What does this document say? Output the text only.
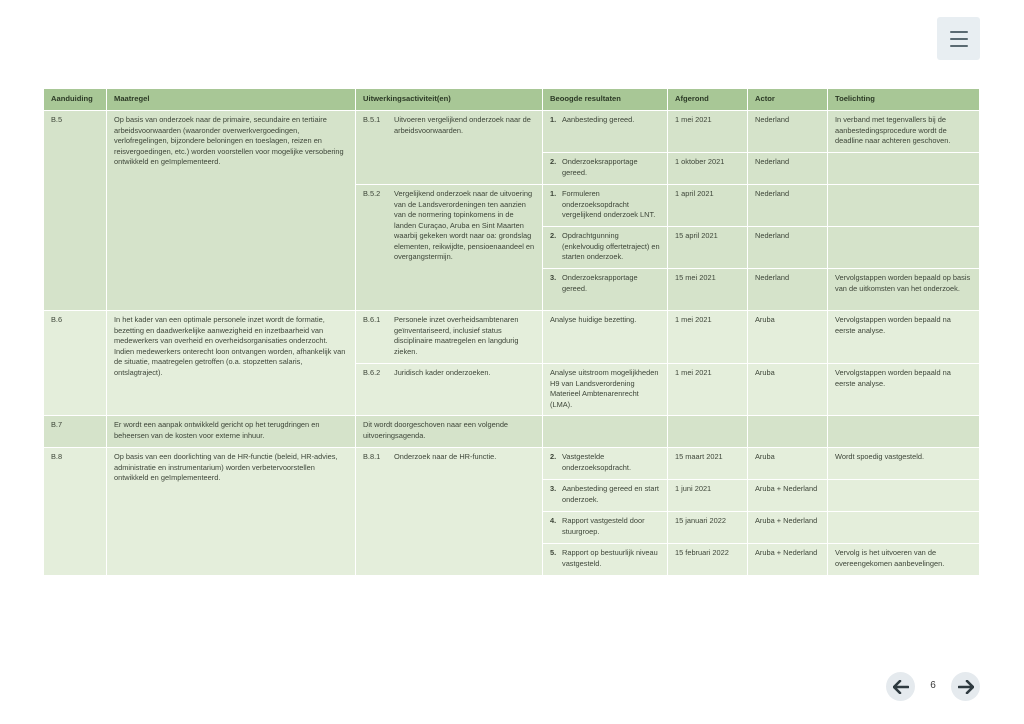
Aanduiding	Maatregel	Uitwerkingsactiviteit(en)	Beoogde resultaten	Afgerond	Actor	Toelichting
B.5	Op basis van onderzoek naar de primaire, secundaire en tertiaire arbeidsvoorwaarden (waaronder overwerkvergoedingen, verlofregelingen, bijzondere beloningen en toeslagen, reizen en reisvergoedingen, etc.) worden voorstellen voor mogelijke versobering ontwikkeld en geïmplementeerd.	B.5.1 Uitvoeren vergelijkend onderzoek naar de arbeidsvoorwaarden.	1. Aanbesteding gereed.	1 mei 2021	Nederland	In verband met tegenvallers bij de aanbestedingsprocedure wordt de deadline naar achteren geschoven.

			2. Onderzoeksrapportage gereed.	1 oktober 2021	Nederland	

		B.5.2 Vergelijkend onderzoek naar de uitvoering van de Landsverordeningen ten aanzien van de normering topinkomens in de landen Curaçao, Aruba en Sint Maarten waarbij gekeken wordt naar oa: grondslag elementen, reikwijdte, pensioenaandeel en overgangstermijn.	1. Formuleren onderzoeksopdracht vergelijkend onderzoek LNT.	1 april 2021	Nederland	

			2. Opdrachtgunning (enkelvoudig offertetraject) en starten onderzoek.	15 april 2021	Nederland	

			3. Onderzoeksrapportage gereed.	15 mei 2021	Nederland	Vervolgstappen worden bepaald op basis van de uitkomsten van het onderzoek.
B.6	In het kader van een optimale personele inzet wordt de formatie, bezetting en daadwerkelijke aanwezigheid en inzetbaarheid van medewerkers van overheid en overheidsorganisaties onderzocht. Indien medewerkers onterecht loon ontvangen worden, afhankelijk van de situatie, maatregelen getroffen (o.a. stopzetten salaris, ontslagtraject).	B.6.1 Personele inzet overheidsambtenaren geïnventariseerd, inclusief status disciplinaire maatregelen en langdurig zieken.	Analyse huidige bezetting.	1 mei 2021	Aruba	Vervolgstappen worden bepaald na eerste analyse.

		B.6.2 Juridisch kader onderzoeken.	Analyse uitstroom mogelijkheden H9 van Landsverordening Materieel Ambtenarenrecht (LMA).	1 mei 2021	Aruba	Vervolgstappen worden bepaald na eerste analyse.
B.7	Er wordt een aanpak ontwikkeld gericht op het terugdringen en beheersen van de kosten voor externe inhuur.	Dit wordt doorgeschoven naar een volgende uitvoeringsagenda.				
B.8	Op basis van een doorlichting van de HR-functie (beleid, HR-advies, administratie en instrumentarium) worden verbetervoorstellen ontwikkeld en geïmplementeerd.	B.8.1 Onderzoek naar de HR-functie.	2. Vastgestelde onderzoeksopdracht.	15 maart 2021	Aruba	Wordt spoedig vastgesteld.

			3. Aanbesteding gereed en start onderzoek.	1 juni 2021	Aruba + Nederland	

			4. Rapport vastgesteld door stuurgroep.	15 januari 2022	Aruba + Nederland	

			5. Rapport op bestuurlijk niveau vastgesteld.	15 februari 2022	Aruba + Nederland	Vervolg is het uitvoeren van de overeengekomen aanbevelingen.
6
